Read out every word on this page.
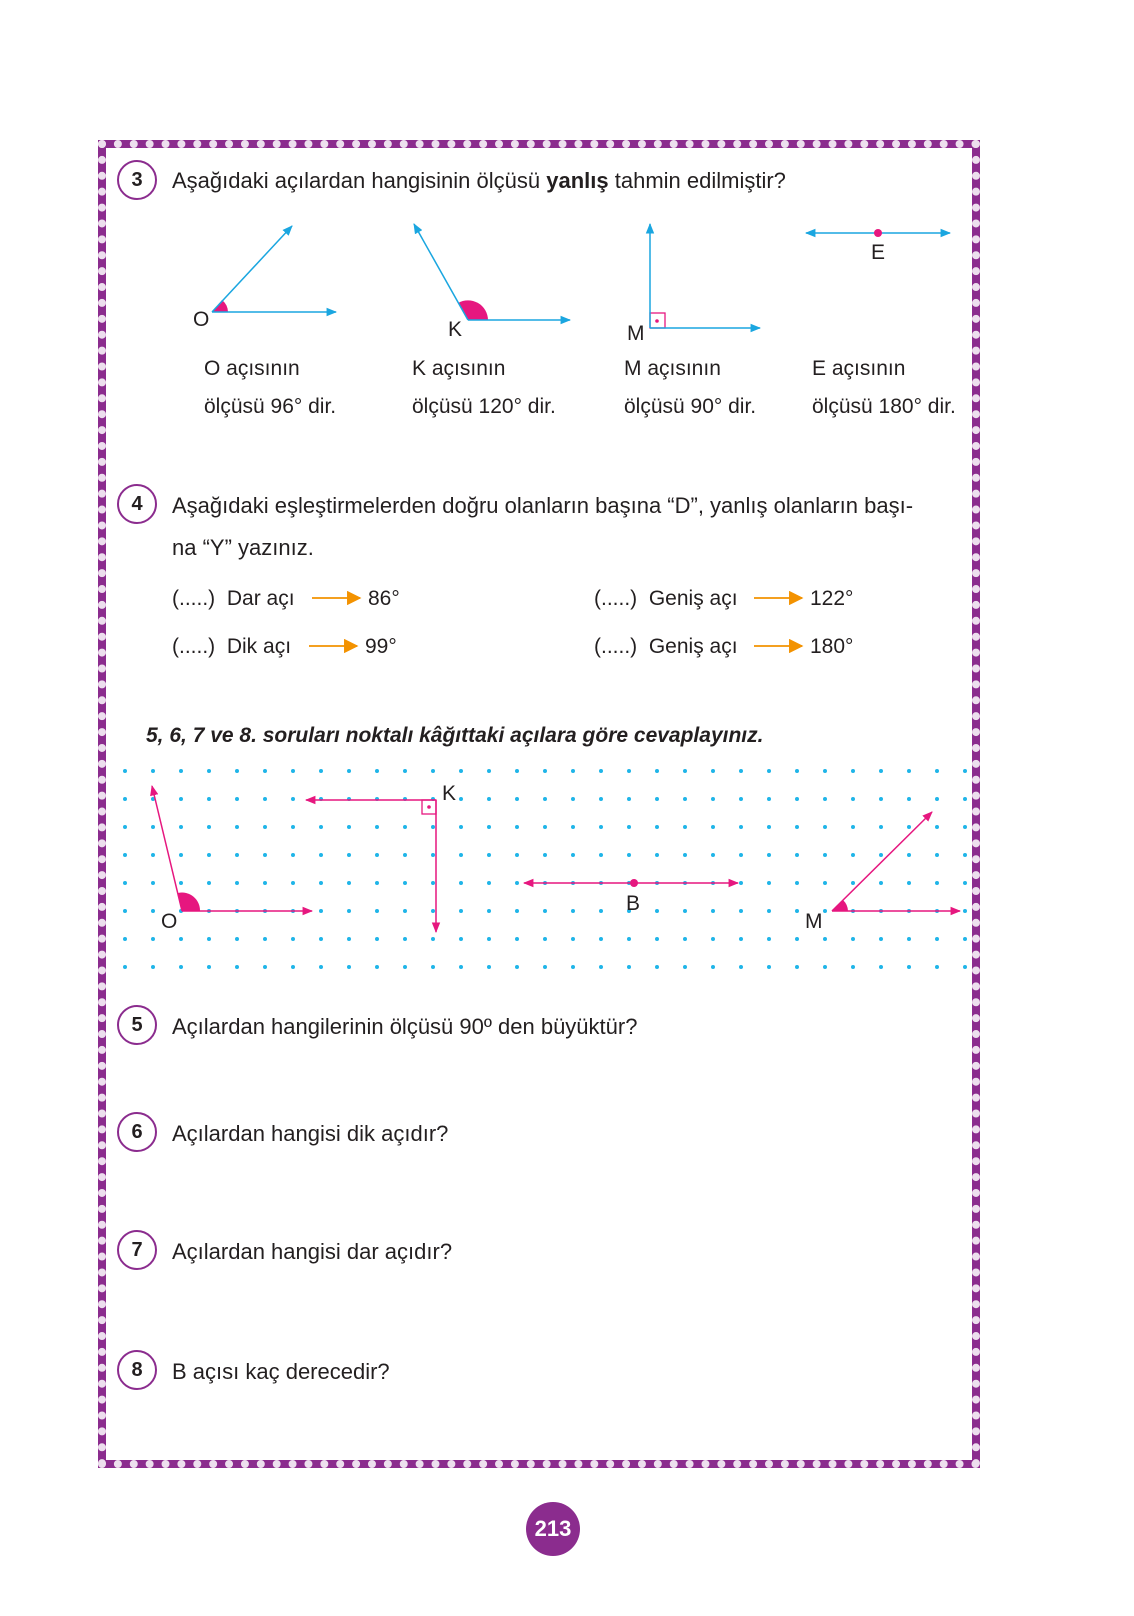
3	Aşağıdaki açılardan hangisinin ölçüsü yanlış tahmin edilmiştir?
O	K	M
E
O açısının
ölçüsü 96° dir.
K açısının
ölçüsü 120° dir.
M açısının
ölçüsü 90° dir.
E açısının
ölçüsü 180° dir.
4	Aşağıdaki eşleştirmelerden doğru olanların başına “D”, yanlış olanların başı-
na “Y” yazınız.
(.....) Dar açı	86°	(.....) Geniş açı	122°
(.....) Dik açı	99°	(.....) Geniş açı	180°
5, 6, 7 ve 8. soruları noktalı kâğıttaki açılara göre cevaplayınız.
O
K
B
M
5	Açılardan hangilerinin ölçüsü 90º den büyüktür?
6	Açılardan hangisi dik açıdır?
7	Açılardan hangisi dar açıdır?
8	B açısı kaç derecedir?
213
